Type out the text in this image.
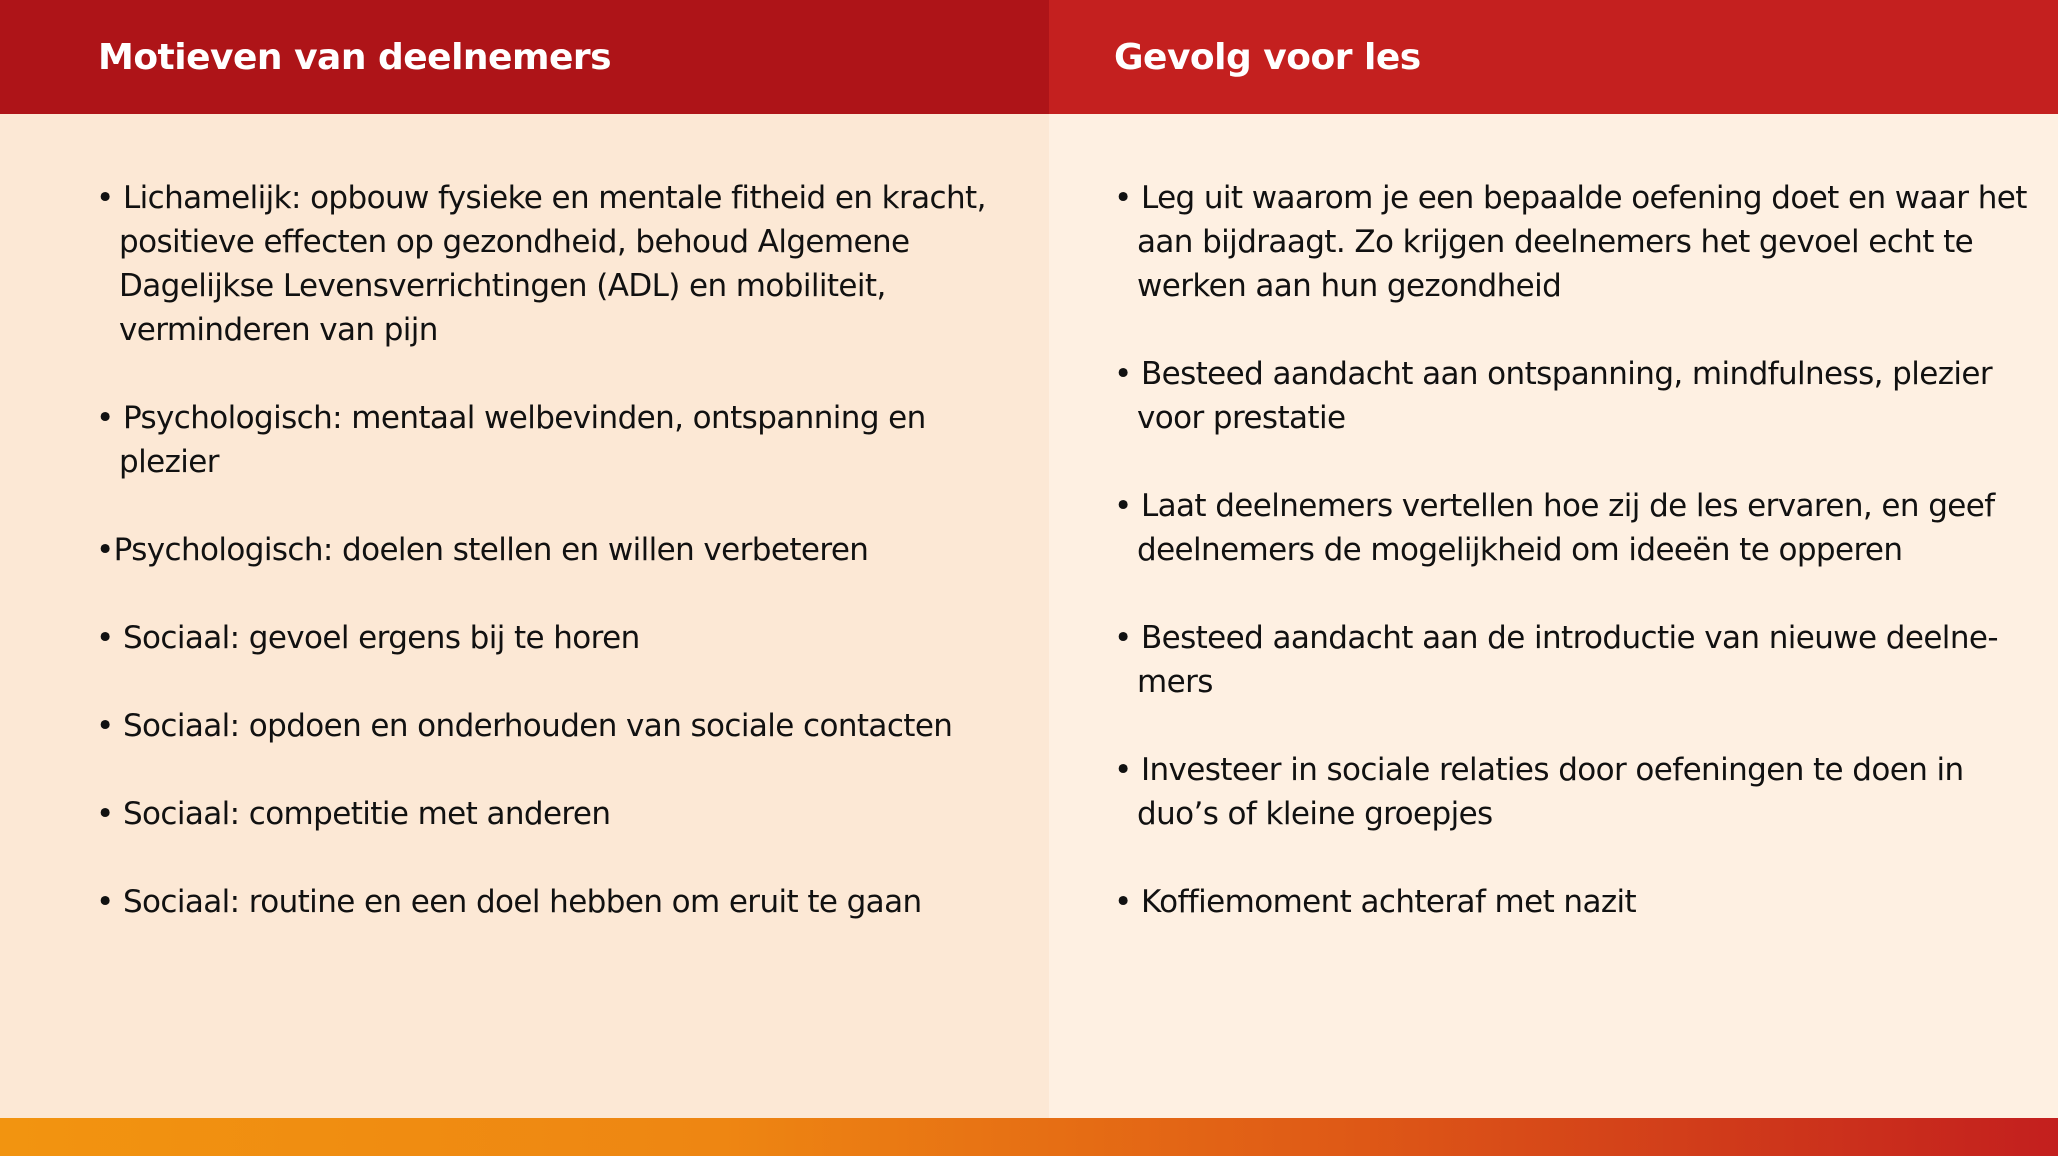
Motieven van deelnemers
• Lichamelijk: opbouw fysieke en mentale fitheid en kracht, positieve effecten op gezondheid, behoud Algemene Dagelijkse Levensverrichtingen (ADL) en mobiliteit, verminderen van pijn
• Psychologisch: mentaal welbevinden, ontspanning en plezier
•Psychologisch: doelen stellen en willen verbeteren
• Sociaal: gevoel ergens bij te horen
• Sociaal: opdoen en onderhouden van sociale contacten
• Sociaal: competitie met anderen
• Sociaal: routine en een doel hebben om eruit te gaan
Gevolg voor les
• Leg uit waarom je een bepaalde oefening doet en waar het aan bijdraagt. Zo krijgen deelnemers het gevoel echt te werken aan hun gezondheid
• Besteed aandacht aan ontspanning, mindfulness, plezier voor prestatie
• Laat deelnemers vertellen hoe zij de les ervaren, en geef deelnemers de mogelijkheid om ideeën te opperen
• Besteed aandacht aan de introductie van nieuwe deelne-mers
• Investeer in sociale relaties door oefeningen te doen in duo’s of kleine groepjes
• Koffiemoment achteraf met nazit
